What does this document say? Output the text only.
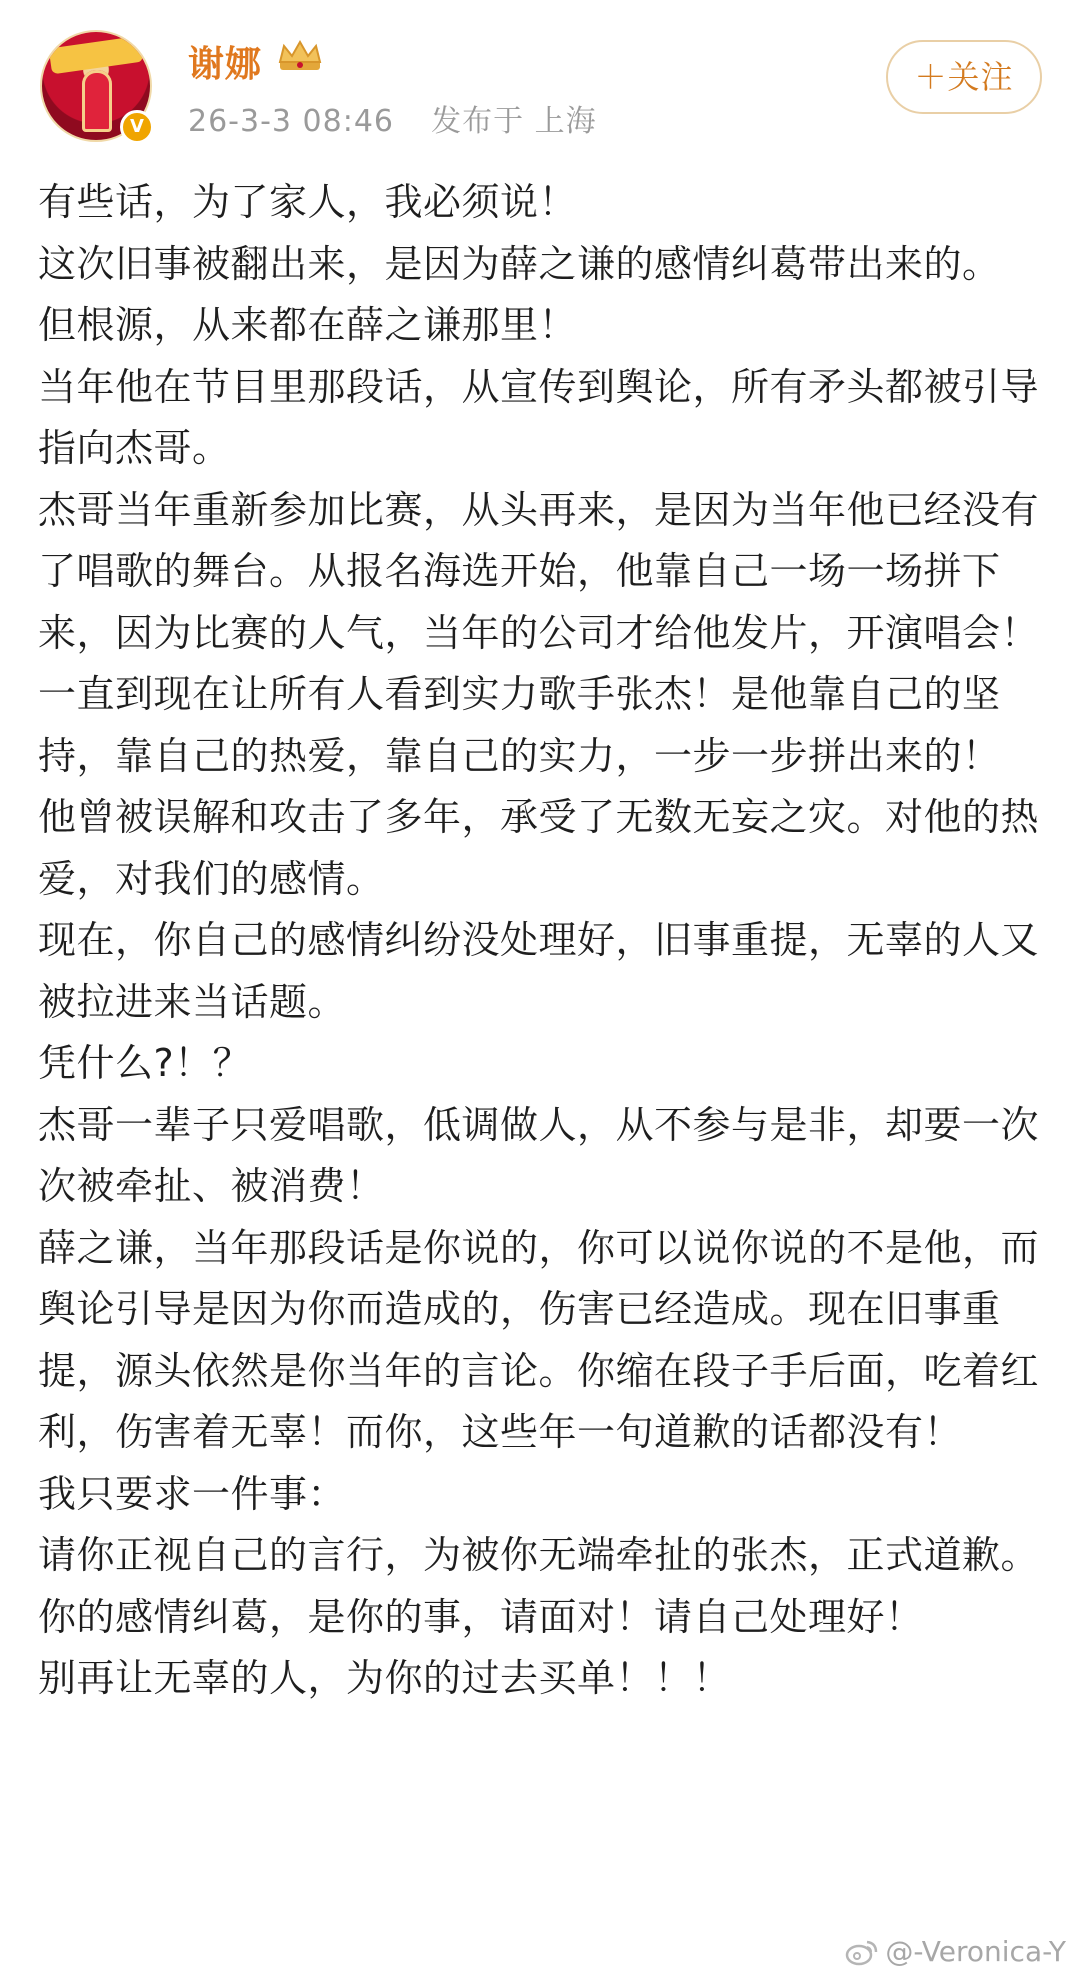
V
谢娜
26-3-3 08:46 发布于 上海
＋关注

有些话，为了家人，我必须说！

这次旧事被翻出来，是因为薛之谦的感情纠葛带出来的。

但根源，从来都在薛之谦那里！

当年他在节目里那段话，从宣传到舆论，所有矛头都被引导指向杰哥。

杰哥当年重新参加比赛，从头再来，是因为当年他已经没有了唱歌的舞台。从报名海选开始，他靠自己一场一场拼下来，因为比赛的人气，当年的公司才给他发片，开演唱会！一直到现在让所有人看到实力歌手张杰！是他靠自己的坚持，靠自己的热爱，靠自己的实力，一步一步拼出来的！

他曾被误解和攻击了多年，承受了无数无妄之灾。对他的热爱，对我们的感情。

现在，你自己的感情纠纷没处理好，旧事重提，无辜的人又被拉进来当话题。

凭什么?！？

杰哥一辈子只爱唱歌，低调做人，从不参与是非，却要一次次被牵扯、被消费！

薛之谦，当年那段话是你说的，你可以说你说的不是他，而舆论引导是因为你而造成的，伤害已经造成。现在旧事重提，源头依然是你当年的言论。你缩在段子手后面，吃着红利，伤害着无辜！而你，这些年一句道歉的话都没有！

我只要求一件事：

请你正视自己的言行，为被你无端牵扯的张杰，正式道歉。

你的感情纠葛，是你的事，请面对！请自己处理好！

别再让无辜的人，为你的过去买单！！！

@-Veronica-Y
